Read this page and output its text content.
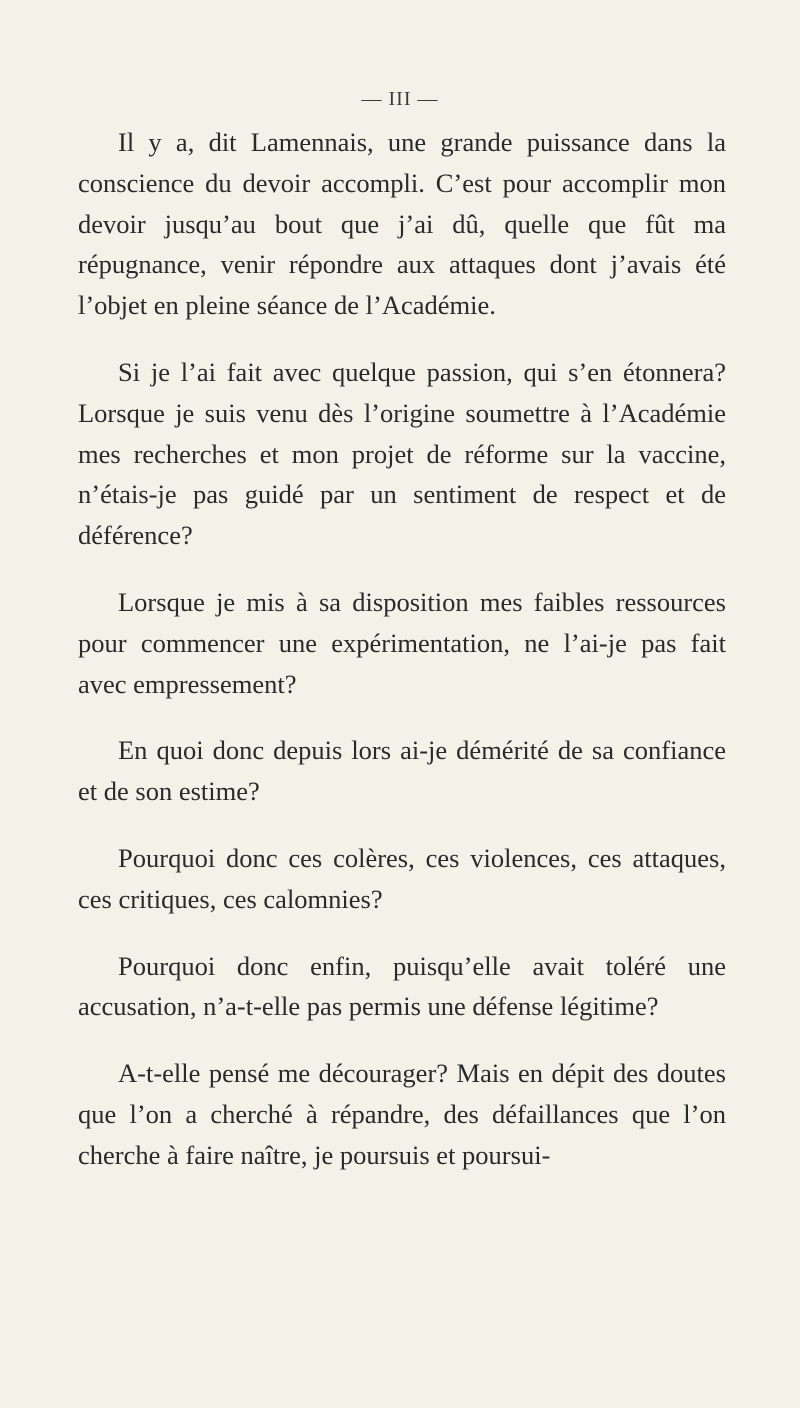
— III —

Il y a, dit Lamennais, une grande puissance dans la conscience du devoir accompli. C’est pour accomplir mon devoir jusqu’au bout que j’ai dû, quelle que fût ma répugnance, venir répondre aux attaques dont j’avais été l’objet en pleine séance de l’Académie.

Si je l’ai fait avec quelque passion, qui s’en étonnera? Lorsque je suis venu dès l’origine soumettre à l’Académie mes recherches et mon projet de réforme sur la vaccine, n’étais-je pas guidé par un sentiment de respect et de déférence?

Lorsque je mis à sa disposition mes faibles ressources pour commencer une expérimentation, ne l’ai-je pas fait avec empressement?

En quoi donc depuis lors ai-je démérité de sa confiance et de son estime?

Pourquoi donc ces colères, ces violences, ces attaques, ces critiques, ces calomnies?

Pourquoi donc enfin, puisqu’elle avait toléré une accusation, n’a-t-elle pas permis une défense légitime?

A-t-elle pensé me décourager? Mais en dépit des doutes que l’on a cherché à répandre, des défaillances que l’on cherche à faire naître, je poursuis et poursui-
